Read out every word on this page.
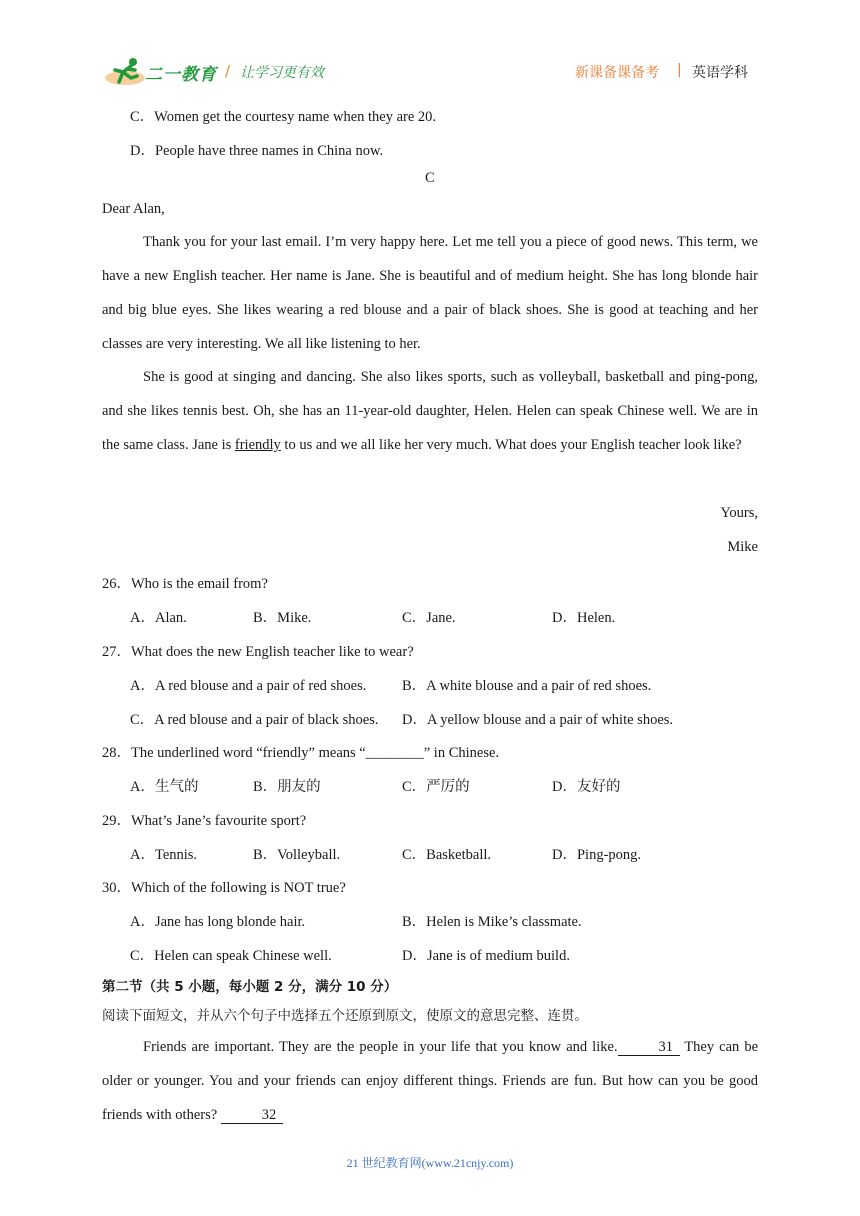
二一教育 / 让学习更有效	新课备课备考 | 英语学科
C．Women get the courtesy name when they are 20.
D．People have three names in China now.
C
Dear Alan,
Thank you for your last email. I’m very happy here. Let me tell you a piece of good news. This term, we have a new English teacher. Her name is Jane. She is beautiful and of medium height. She has long blonde hair and big blue eyes. She likes wearing a red blouse and a pair of black shoes. She is good at teaching and her classes are very interesting. We all like listening to her.
She is good at singing and dancing. She also likes sports, such as volleyball, basketball and ping-pong, and she likes tennis best. Oh, she has an 11-year-old daughter, Helen. Helen can speak Chinese well. We are in the same class. Jane is friendly to us and we all like her very much. What does your English teacher look like?
Yours,
Mike
26．Who is the email from?
A．Alan.	B．Mike.	C．Jane.	D．Helen.
27．What does the new English teacher like to wear?
A．A red blouse and a pair of red shoes. B．A white blouse and a pair of red shoes.
C．A red blouse and a pair of black shoes. D．A yellow blouse and a pair of white shoes.
28．The underlined word “friendly” means “________” in Chinese.
A．生气的	B．朋友的	C．严厉的	D．友好的
29．What’s Jane’s favourite sport?
A．Tennis.	B．Volleyball.	C．Basketball.	D．Ping-pong.
30．Which of the following is NOT true?
A．Jane has long blonde hair.	B．Helen is Mike’s classmate.
C．Helen can speak Chinese well.	D．Jane is of medium build.
第二节（共 5 小题，每小题 2 分，满分 10 分）
阅读下面短文，并从六个句子中选择五个还原到原文，使原文的意思完整、连贯。
Friends are important. They are the people in your life that you know and like.	31 They can be older or younger. You and your friends can enjoy different things. Friends are fun. But how can you be good friends with others?	32
21 世纪教育网(www.21cnjy.com)
